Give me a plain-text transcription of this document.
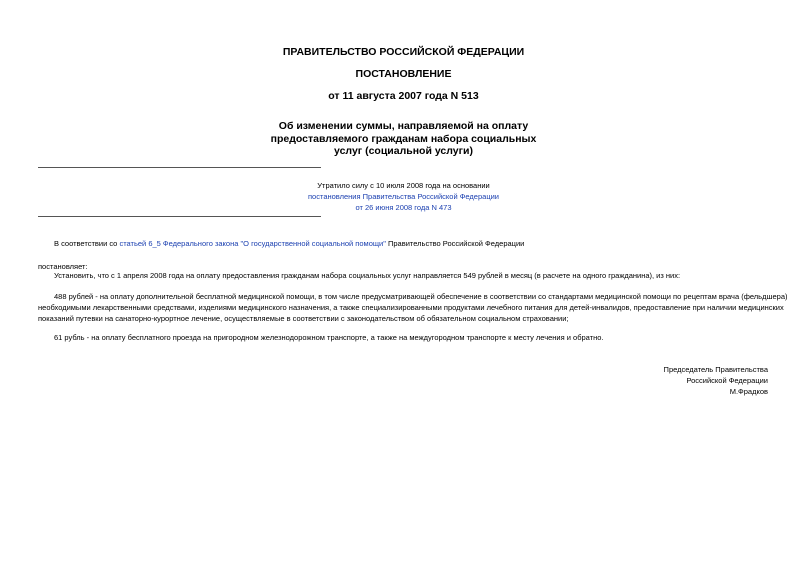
ПРАВИТЕЛЬСТВО РОССИЙСКОЙ ФЕДЕРАЦИИ
ПОСТАНОВЛЕНИЕ
от 11 августа 2007 года N 513
Об изменении суммы, направляемой на оплату
предоставляемого гражданам набора социальных
услуг (социальной услуги)
Утратило силу с 10 июля 2008 года на основании
постановления Правительства Российской Федерации
от 26 июня 2008 года N 473
В соответствии со статьей 6_5 Федерального закона "О государственной социальной помощи" Правительство Российской Федерации
постановляет:
Установить, что с 1 апреля 2008 года на оплату предоставления гражданам набора социальных услуг направляется 549 рублей в месяц (в расчете на одного гражданина), из них:
488 рублей - на оплату дополнительной бесплатной медицинской помощи, в том числе предусматривающей обеспечение в соответствии со стандартами медицинской помощи по рецептам врача (фельдшера)
необходимыми лекарственными средствами, изделиями медицинского назначения, а также специализированными продуктами лечебного питания для детей-инвалидов, предоставление при наличии медицинских
показаний путевки на санаторно-курортное лечение, осуществляемые в соответствии с законодательством об обязательном социальном страховании;
61 рубль - на оплату бесплатного проезда на пригородном железнодорожном транспорте, а также на междугородном транспорте к месту лечения и обратно.
Председатель Правительства
Российской Федерации
М.Фрадков
